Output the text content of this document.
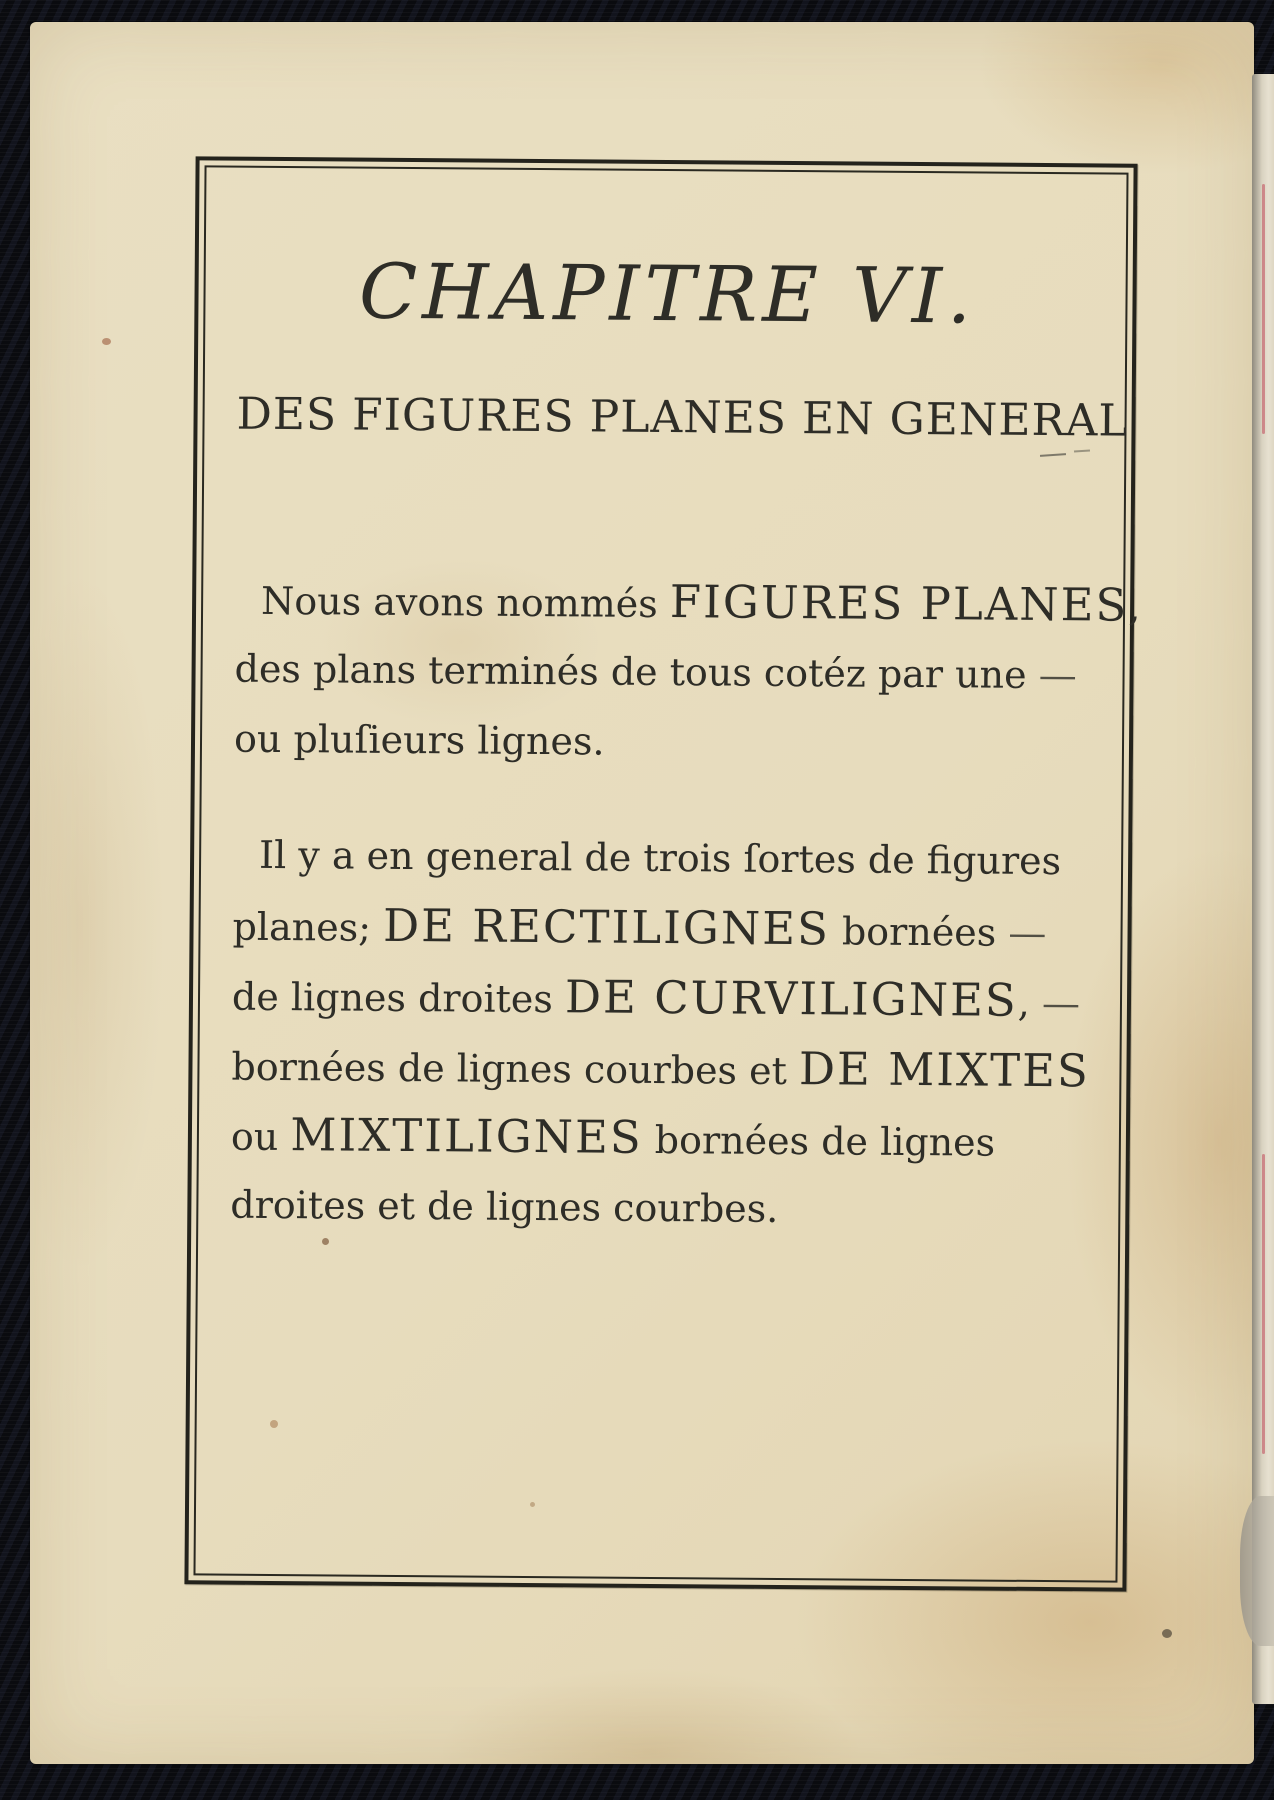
CHAPITRE VI.
DES FIGURES PLANES EN GENERAL
Nous avons nommés FIGURES PLANES,
des plans terminés de tous cotéz par une —
ou pluſieurs lignes.
Il y a en general de trois ſortes de figures
planes; DE RECTILIGNES bornées —
de lignes droites DE CURVILIGNES, —
bornées de lignes courbes et DE MIXTES
ou MIXTILIGNES bornées de lignes
droites et de lignes courbes.
